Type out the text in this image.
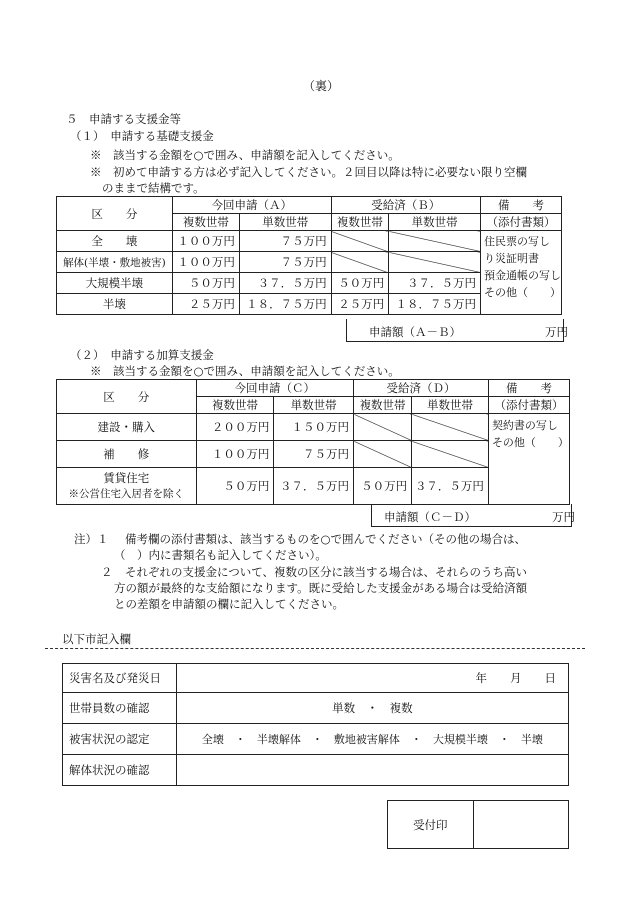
（裏）
５　申請する支援金等
（１）　申請する基礎支援金
※　該当する金額を○で囲み、申請額を記入してください。
※　初めて申請する方は必ず記入してください。２回目以降は特に必要ない限り空欄
のままで結構です。
区　　分	今回申請（Ａ）		受給済（Ｂ）		備　　考
	複数世帯	単数世帯	複数世帯	単数世帯	（添付書類）
全　　壊	１００万円	７５万円			住民票の写し
り災証明書
預金通帳の写し
その他（　　）

解体(半壊・敷地被害)	１００万円	７５万円			
大規模半壊	５０万円	３７．５万円	５０万円	３７．５万円	
半壊	２５万円	１８．７５万円	２５万円	１８．７５万円	
申請額（Ａ－Ｂ）	万円
（２）　申請する加算支援金
※　該当する金額を○で囲み、申請額を記入してください。
区　　分	今回申請（Ｃ）		受給済（Ｄ）		備　　考
	複数世帯	単数世帯	複数世帯	単数世帯	（添付書類）
建設・購入	２００万円	１５０万円			契約書の写し
その他（　　）

補　　修	１００万円	７５万円			

賃貸住宅
※公営住宅入居者を除く	５０万円	３７．５万円	５０万円	３７．５万円	
申請額（Ｃ－Ｄ）	万円
注）１ 備考欄の添付書類は、該当するものを○で囲んでください（その他の場合は、
（　）内に書類名も記入してください）。
２ それぞれの支援金について、複数の区分に該当する場合は、それらのうち高い
方の額が最終的な支給額になります。既に受給した支援金がある場合は受給済額
との差額を申請額の欄に記入してください。
以下市記入欄
災害名及び発災日	年　　月　　日
世帯員数の確認	単数　・　複数
被害状況の認定	全壊　・　半壊解体　・　敷地被害解体　・　大規模半壊　・　半壊
解体状況の確認	
受付印	
